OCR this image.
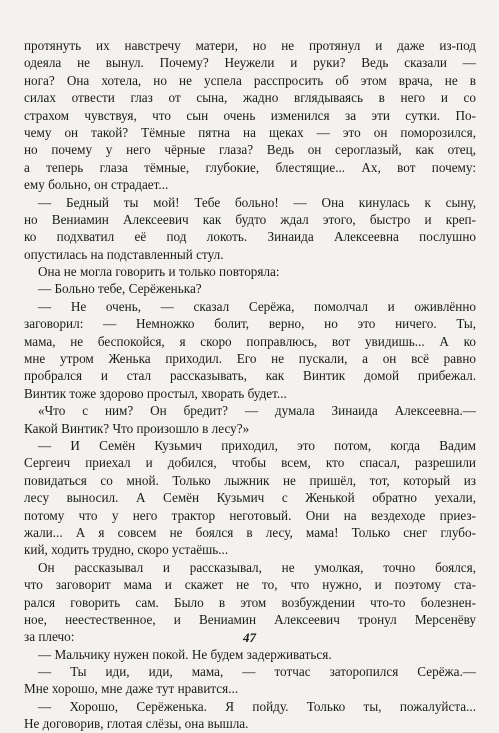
протянуть их навстречу матери, но не протянул и даже из-под
одеяла не вынул. Почему? Неужели и руки? Ведь сказали —
нога? Она хотела, но не успела расспросить об этом врача, не в
силах отвести глаз от сына, жадно вглядываясь в него и со
страхом чувствуя, что сын очень изменился за эти сутки. По-
чему он такой? Тёмные пятна на щеках — это он поморозился,
но почему у него чёрные глаза? Ведь он сероглазый, как отец,
а теперь глаза тёмные, глубокие, блестящие... Ах, вот почему:
ему больно, он страдает...
— Бедный ты мой! Тебе больно! — Она кинулась к сыну,
но Вениамин Алексеевич как будто ждал этого, быстро и креп-
ко подхватил её под локоть. Зинаида Алексеевна послушно
опустилась на подставленный стул.
Она не могла говорить и только повторяла:
— Больно тебе, Серёженька?
— Не очень, — сказал Серёжа, помолчал и оживлённо
заговорил: — Немножко болит, верно, но это ничего. Ты,
мама, не беспокойся, я скоро поправлюсь, вот увидишь... А ко
мне утром Женька приходил. Его не пускали, а он всё равно
пробрался и стал рассказывать, как Винтик домой прибежал.
Винтик тоже здорово простыл, хворать будет...
«Что с ним? Он бредит? — думала Зинаида Алексеевна.—
Какой Винтик? Что произошло в лесу?»
— И Семён Кузьмич приходил, это потом, когда Вадим
Сергеич приехал и добился, чтобы всем, кто спасал, разрешили
повидаться со мной. Только лыжник не пришёл, тот, который из
лесу выносил. А Семён Кузьмич с Женькой обратно уехали,
потому что у него трактор неготовый. Они на вездеходе приез-
жали... А я совсем не боялся в лесу, мама! Только снег глубо-
кий, ходить трудно, скоро устаёшь...
Он рассказывал и рассказывал, не умолкая, точно боялся,
что заговорит мама и скажет не то, что нужно, и поэтому ста-
рался говорить сам. Было в этом возбуждении что-то болезнен-
ное, неестественное, и Вениамин Алексеевич тронул Мерсенёву
за плечо:
— Мальчику нужен покой. Не будем задерживаться.
— Ты иди, иди, мама, — тотчас заторопился Серёжа.—
Мне хорошо, мне даже тут нравится...
— Хорошо, Серёженька. Я пойду. Только ты, пожалуйста...
Не договорив, глотая слёзы, она вышла.
47
